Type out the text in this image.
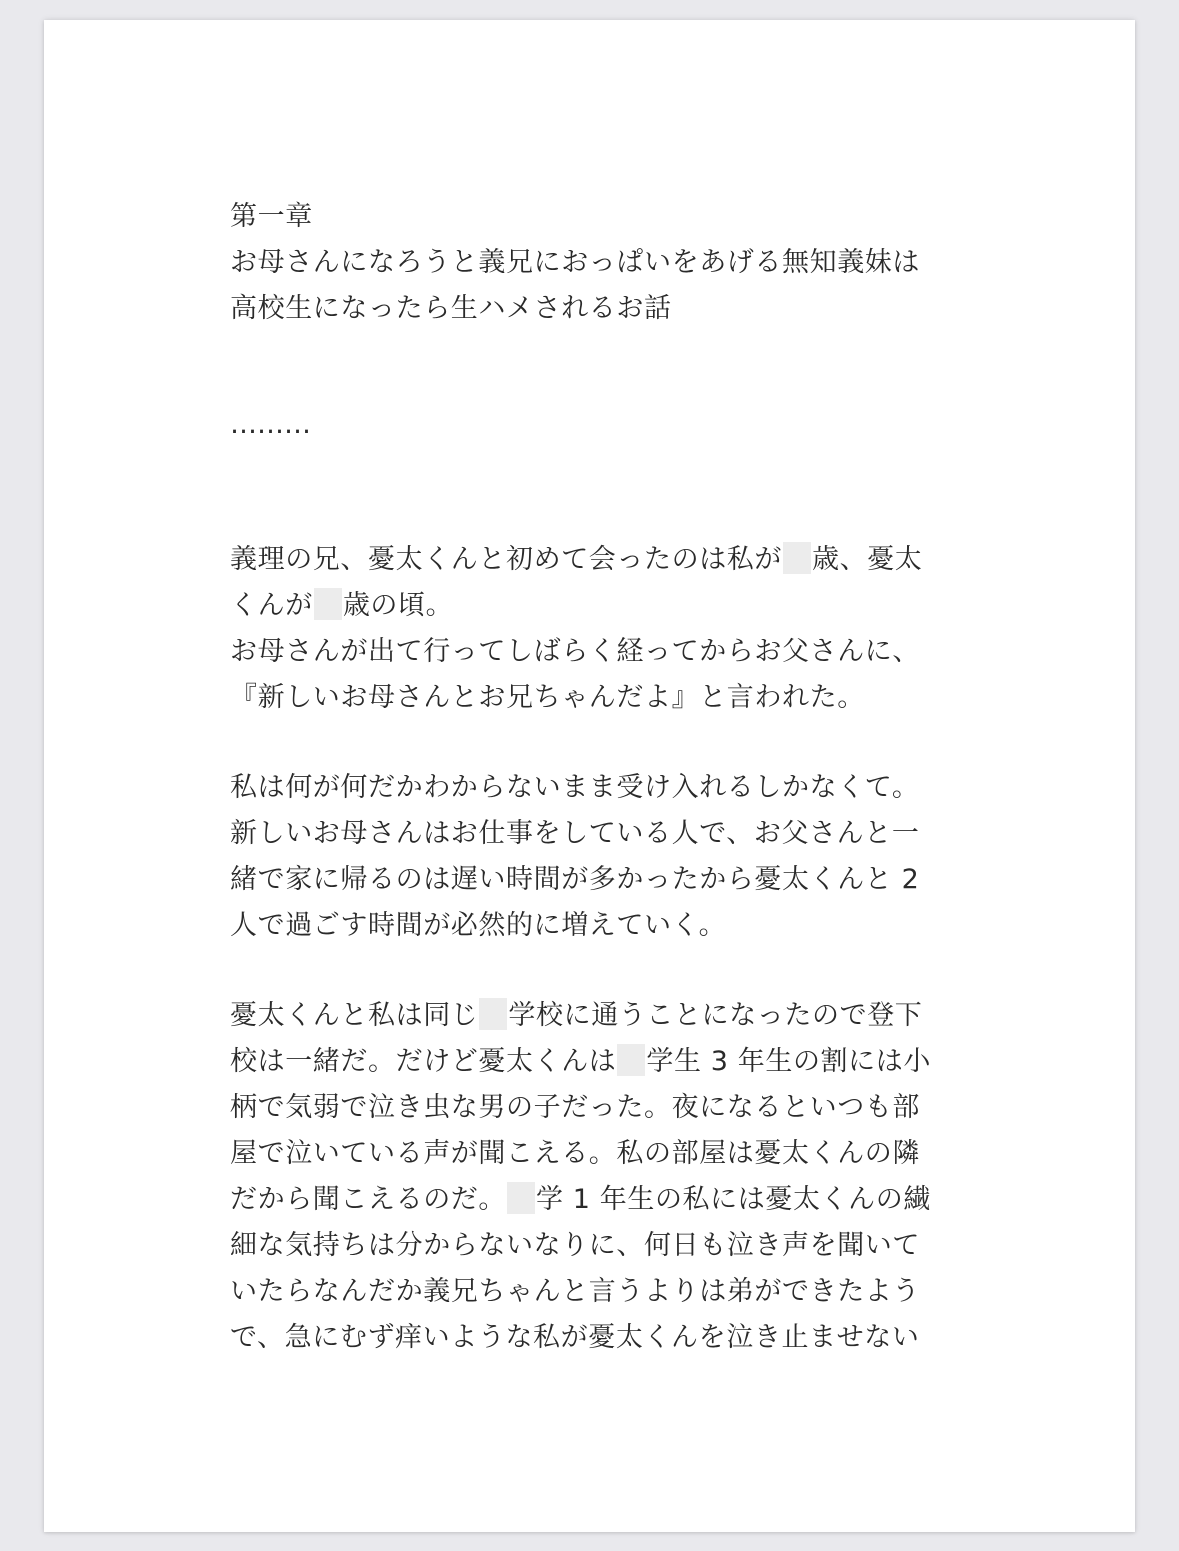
第一章
お母さんになろうと義兄におっぱいをあげる無知義妹は
高校生になったら生ハメされるお話
………
義理の兄、憂太くんと初めて会ったのは私が 歳、憂太
くんが 歳の頃。
お母さんが出て行ってしばらく経ってからお父さんに、
『新しいお母さんとお兄ちゃんだよ』と言われた。
私は何が何だかわからないまま受け入れるしかなくて。
新しいお母さんはお仕事をしている人で、お父さんと一
緒で家に帰るのは遅い時間が多かったから憂太くんと 2
人で過ごす時間が必然的に増えていく。
憂太くんと私は同じ 学校に通うことになったので登下
校は一緒だ。だけど憂太くんは 学生 3 年生の割には小
柄で気弱で泣き虫な男の子だった。夜になるといつも部
屋で泣いている声が聞こえる。私の部屋は憂太くんの隣
だから聞こえるのだ。 学 1 年生の私には憂太くんの繊
細な気持ちは分からないなりに、何日も泣き声を聞いて
いたらなんだか義兄ちゃんと言うよりは弟ができたよう
で、急にむず痒いような私が憂太くんを泣き止ませない
